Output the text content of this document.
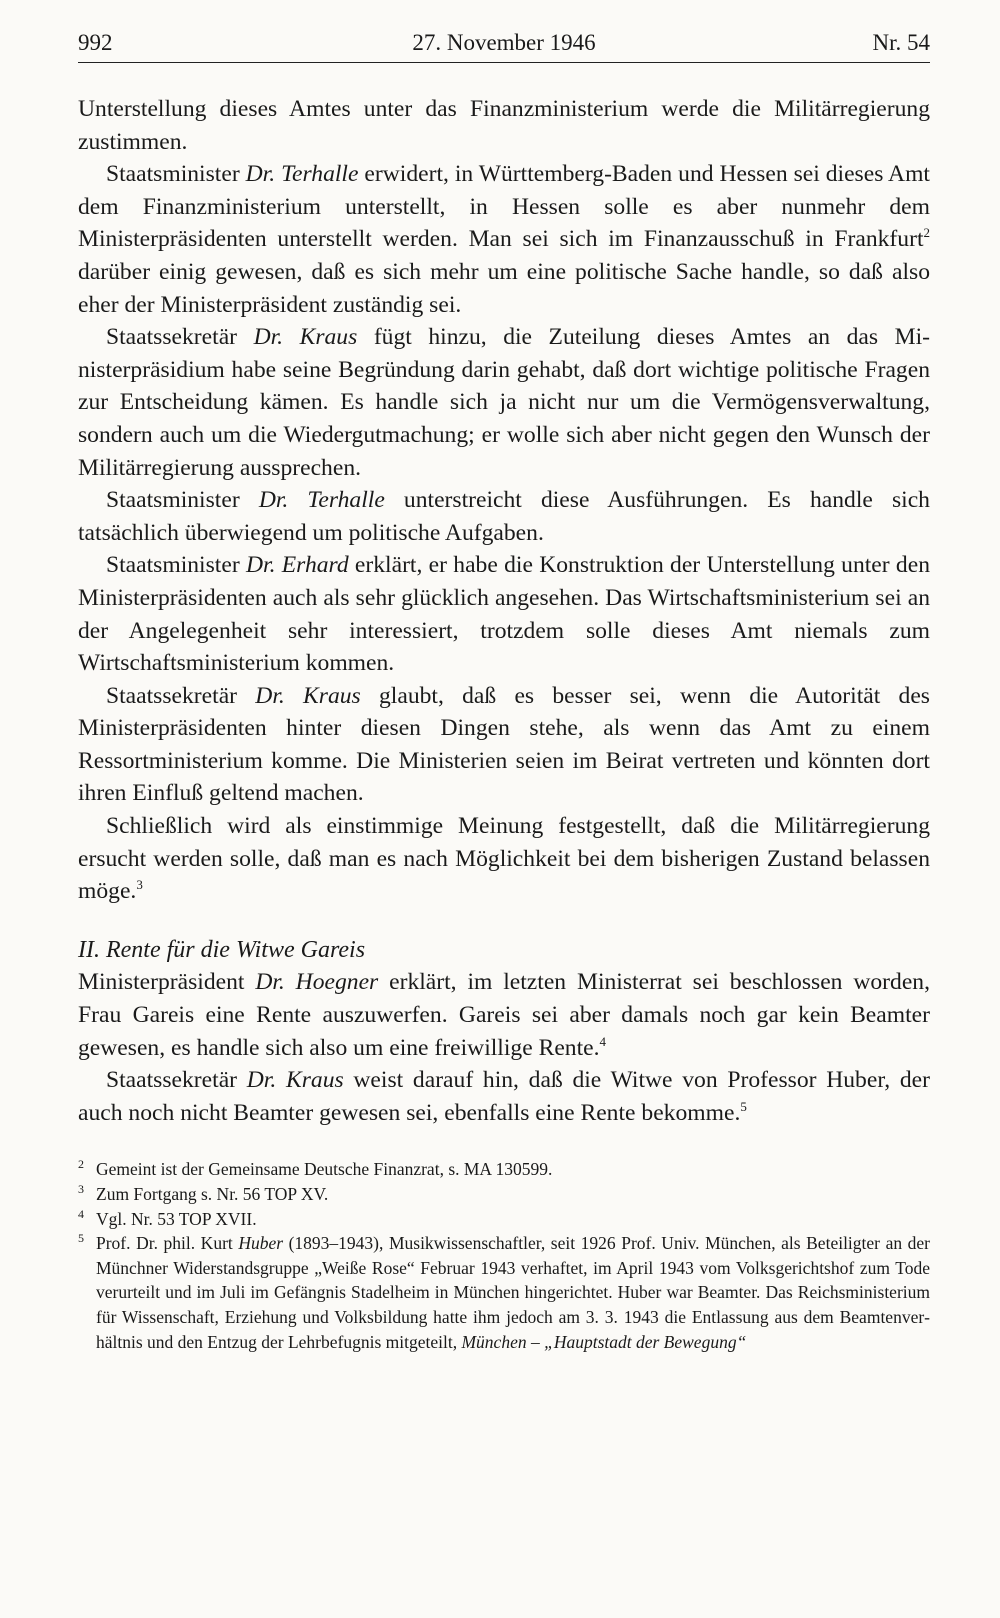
992	27. November 1946	Nr. 54

Unterstellung dieses Amtes unter das Finanzministerium werde die Militärregierung zustimmen.

Staatsminister Dr. Terhalle erwidert, in Württemberg-Baden und Hessen sei dieses Amt dem Finanzministerium unterstellt, in Hessen solle es aber nunmehr dem Ministerpräsidenten unterstellt werden. Man sei sich im Finanzausschuß in Frankfurt$^2$ darüber einig gewesen, daß es sich mehr um eine politische Sache handle, so daß also eher der Ministerpräsident zuständig sei.

Staatssekretär Dr. Kraus fügt hinzu, die Zuteilung dieses Amtes an das Ministerpräsidium habe seine Begründung darin gehabt, daß dort wichtige politische Fragen zur Entscheidung kämen. Es handle sich ja nicht nur um die Vermögensverwaltung, sondern auch um die Wiedergutmachung; er wolle sich aber nicht gegen den Wunsch der Militärregierung aussprechen.

Staatsminister Dr. Terhalle unterstreicht diese Ausführungen. Es handle sich tatsächlich überwiegend um politische Aufgaben.

Staatsminister Dr. Erhard erklärt, er habe die Konstruktion der Unterstellung unter den Ministerpräsidenten auch als sehr glücklich angesehen. Das Wirtschaftsministerium sei an der Angelegenheit sehr interessiert, trotzdem solle dieses Amt niemals zum Wirtschaftsministerium kommen.

Staatssekretär Dr. Kraus glaubt, daß es besser sei, wenn die Autorität des Ministerpräsidenten hinter diesen Dingen stehe, als wenn das Amt zu einem Ressortministerium komme. Die Ministerien seien im Beirat vertreten und könnten dort ihren Einfluß geltend machen.

Schließlich wird als einstimmige Meinung festgestellt, daß die Militärregierung ersucht werden solle, daß man es nach Möglichkeit bei dem bisherigen Zustand belassen möge.$^3$

II. Rente für die Witwe Gareis

Ministerpräsident Dr. Hoegner erklärt, im letzten Ministerrat sei beschlossen worden, Frau Gareis eine Rente auszuwerfen. Gareis sei aber damals noch gar kein Beamter gewesen, es handle sich also um eine freiwillige Rente.$^4$

Staatssekretär Dr. Kraus weist darauf hin, daß die Witwe von Professor Huber, der auch noch nicht Beamter gewesen sei, ebenfalls eine Rente bekomme.$^5$

2 Gemeint ist der Gemeinsame Deutsche Finanzrat, s. MA 130599.

3 Zum Fortgang s. Nr. 56 TOP XV.

4 Vgl. Nr. 53 TOP XVII.

5 Prof. Dr. phil. Kurt Huber (1893–1943), Musikwissenschaftler, seit 1926 Prof. Univ. München, als Beteiligter an der Münchner Widerstandsgruppe „Weiße Rose“ Februar 1943 verhaftet, im April 1943 vom Volksgerichtshof zum Tode verurteilt und im Juli im Gefängnis Stadelheim in München hingerichtet. Huber war Beamter. Das Reichsministerium für Wissenschaft, Erziehung und Volksbildung hatte ihm jedoch am 3. 3. 1943 die Entlassung aus dem Beamtenverhältnis und den Entzug der Lehrbefugnis mitgeteilt, München – „Hauptstadt der Bewegung“
